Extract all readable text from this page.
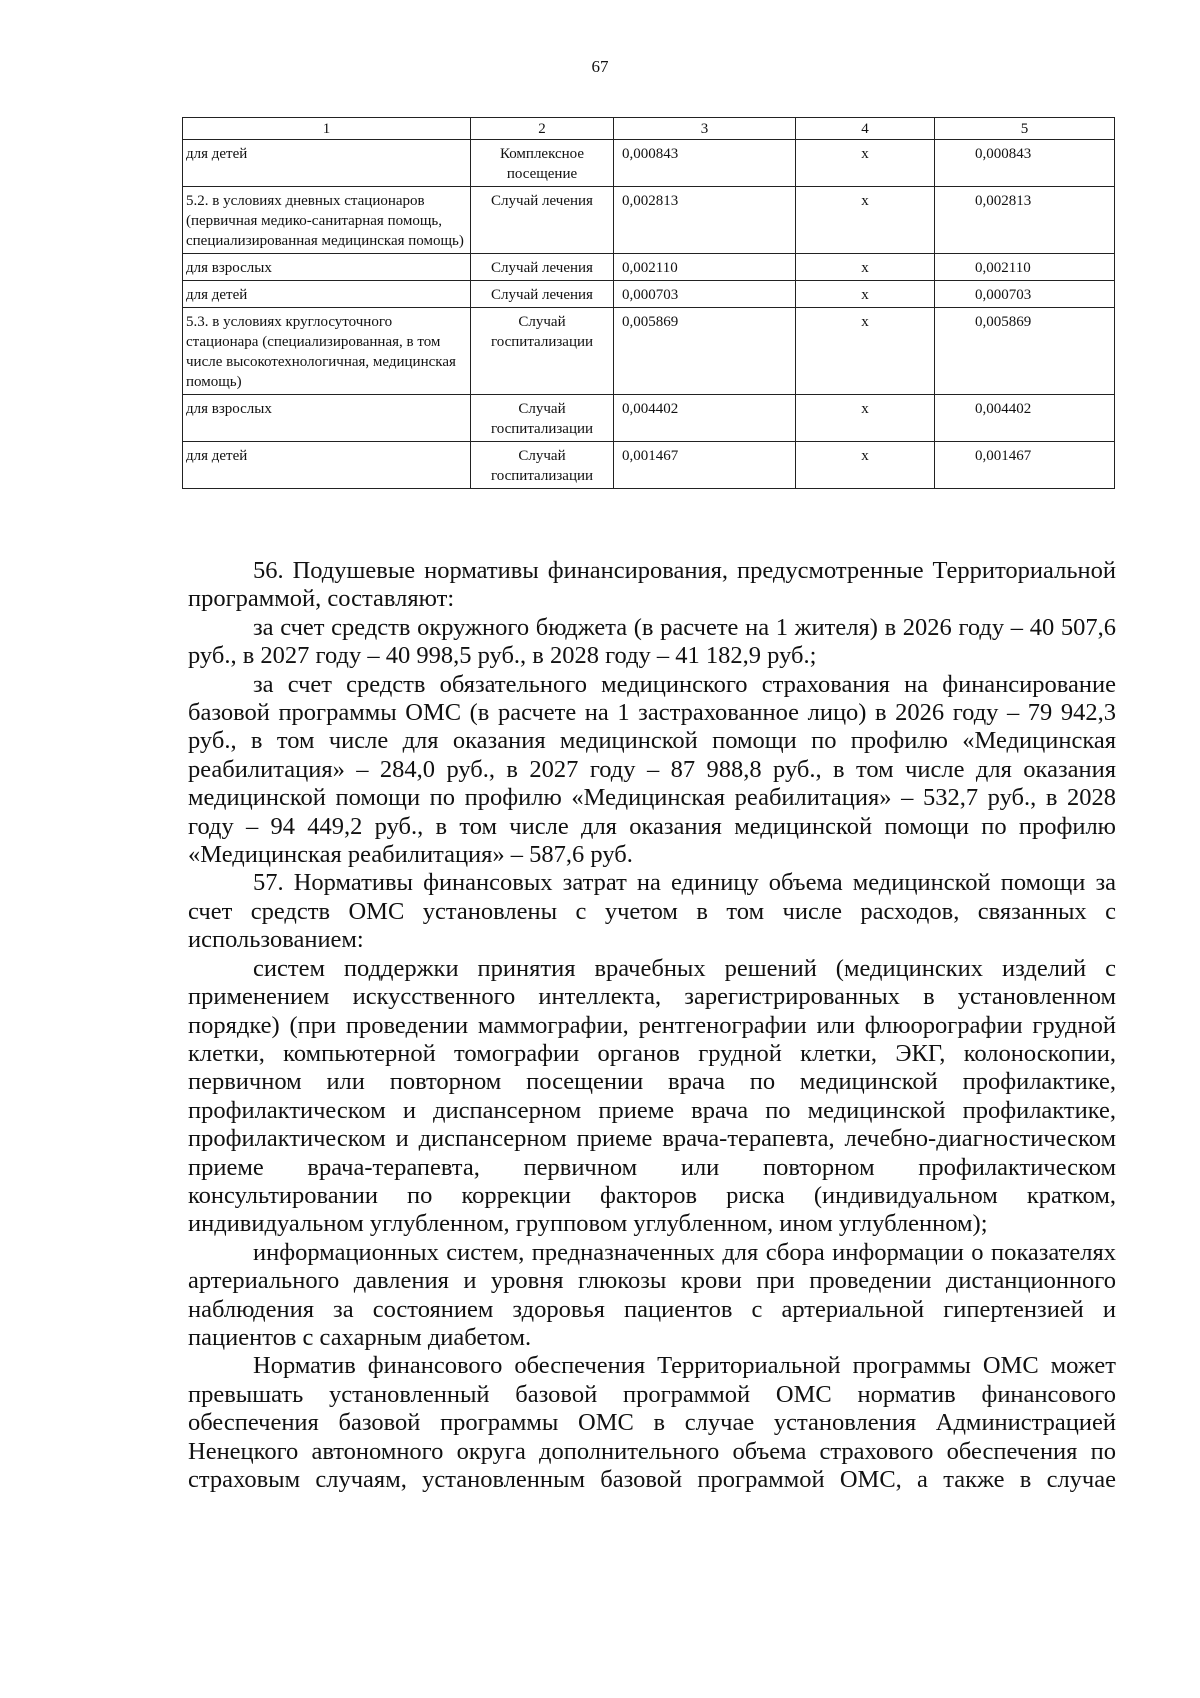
67
1	2	3	4	5
для детей	Комплексное посещение	0,000843	x	0,000843
5.2. в условиях дневных стационаров (первичная медико-санитарная помощь, специализированная медицинская помощь)	Случай лечения	0,002813	x	0,002813
для взрослых	Случай лечения	0,002110	x	0,002110
для детей	Случай лечения	0,000703	x	0,000703
5.3. в условиях круглосуточного стационара (специализированная, в том числе высокотехнологичная, медицинская помощь)	Случай госпитализации	0,005869	x	0,005869
для взрослых	Случай госпитализации	0,004402	x	0,004402
для детей	Случай госпитализации	0,001467	x	0,001467

56. Подушевые нормативы финансирования, предусмотренные Территориальной программой, составляют:

за счет средств окружного бюджета (в расчете на 1 жителя) в 2026 году – 40 507,6 руб., в 2027 году – 40 998,5 руб., в 2028 году – 41 182,9 руб.;

за счет средств обязательного медицинского страхования на финансирование базовой программы ОМС (в расчете на 1 застрахованное лицо) в 2026 году – 79 942,3 руб., в том числе для оказания медицинской помощи по профилю «Медицинская реабилитация» – 284,0 руб., в 2027 году – 87 988,8 руб., в том числе для оказания медицинской помощи по профилю «Медицинская реабилитация» – 532,7 руб., в 2028 году – 94 449,2 руб., в том числе для оказания медицинской помощи по профилю «Медицинская реабилитация» – 587,6 руб.

57. Нормативы финансовых затрат на единицу объема медицинской помощи за счет средств ОМС установлены с учетом в том числе расходов, связанных с использованием:

систем поддержки принятия врачебных решений (медицинских изделий с применением искусственного интеллекта, зарегистрированных в установленном порядке) (при проведении маммографии, рентгенографии или флюорографии грудной клетки, компьютерной томографии органов грудной клетки, ЭКГ, колоноскопии, первичном или повторном посещении врача по медицинской профилактике, профилактическом и диспансерном приеме врача по медицинской профилактике, профилактическом и диспансерном приеме врача-терапевта, лечебно-диагностическом приеме врача-терапевта, первичном или повторном профилактическом консультировании по коррекции факторов риска (индивидуальном кратком, индивидуальном углубленном, групповом углубленном, ином углубленном);

информационных систем, предназначенных для сбора информации о показателях артериального давления и уровня глюкозы крови при проведении дистанционного наблюдения за состоянием здоровья пациентов с артериальной гипертензией и пациентов с сахарным диабетом.

Норматив финансового обеспечения Территориальной программы ОМС может превышать установленный базовой программой ОМС норматив финансового обеспечения базовой программы ОМС в случае установления Администрацией Ненецкого автономного округа дополнительного объема страхового обеспечения по страховым случаям, установленным базовой программой ОМС, а также в случае
